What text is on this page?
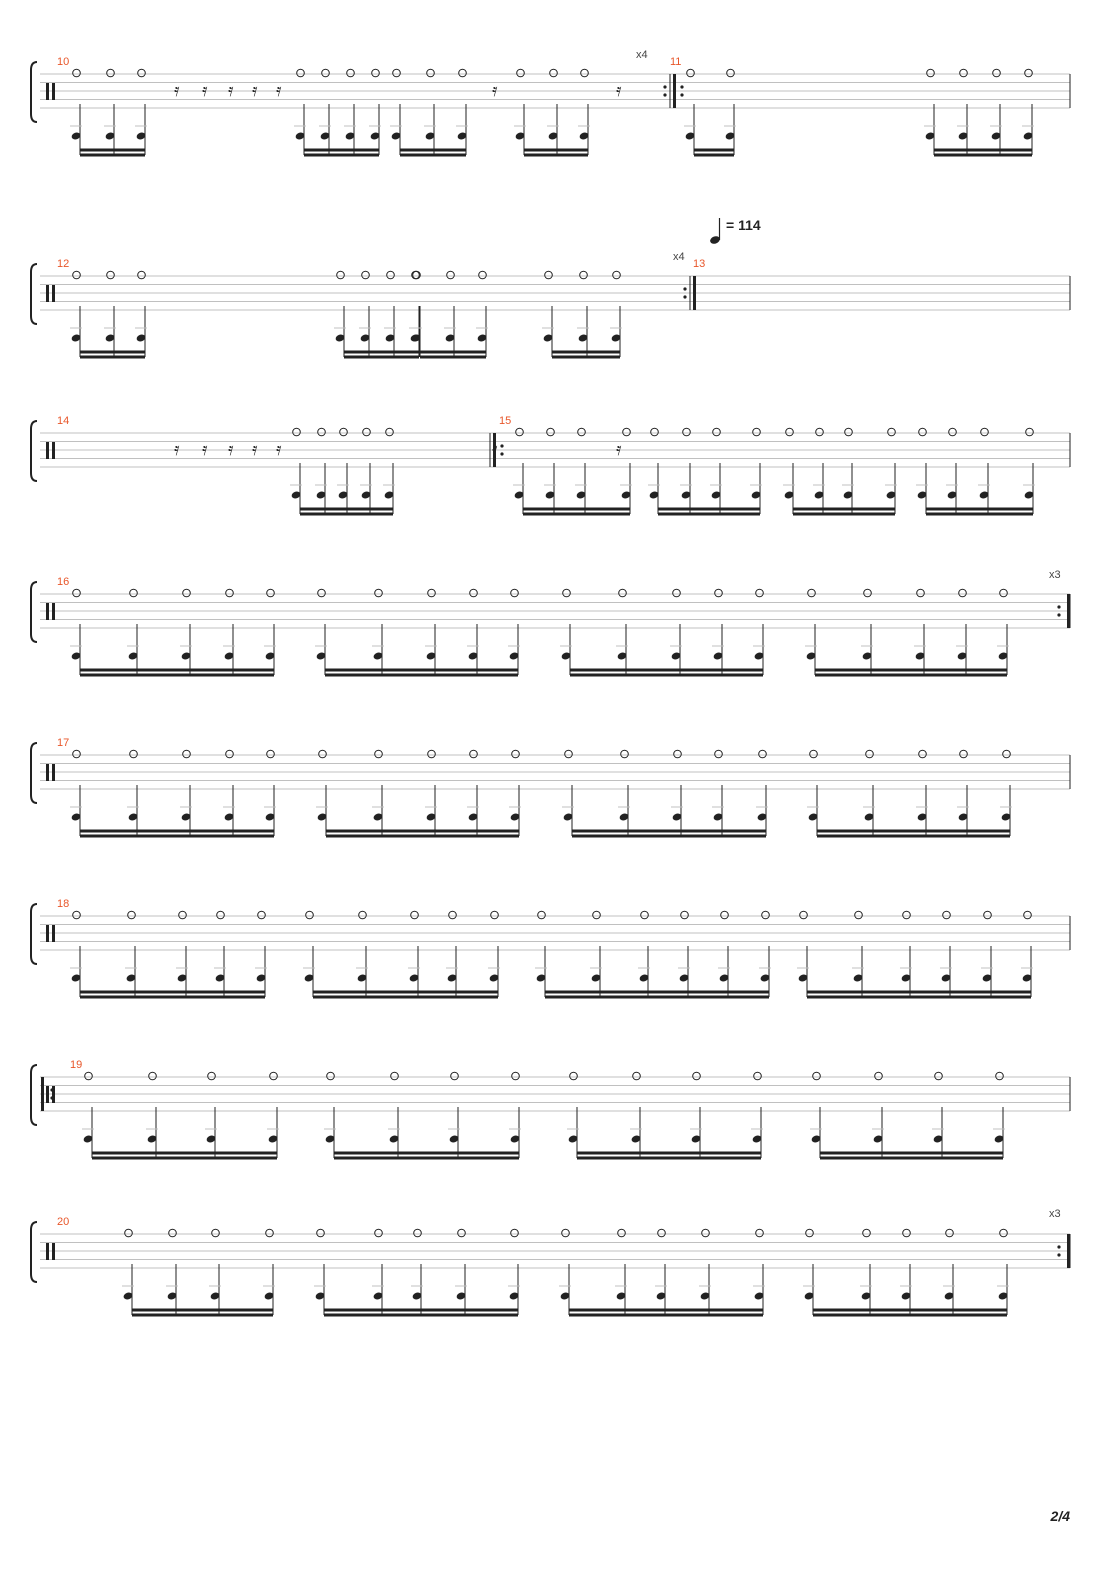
10	11
x4
𝄿 𝄿 𝄿 𝄿 𝄿	𝄿	𝄿
12	13
x4
14	15
𝄿 𝄿 𝄿 𝄿 𝄿	𝄿	𝄿
16
x3
17
18
19
20
x3
= 114
2/4
